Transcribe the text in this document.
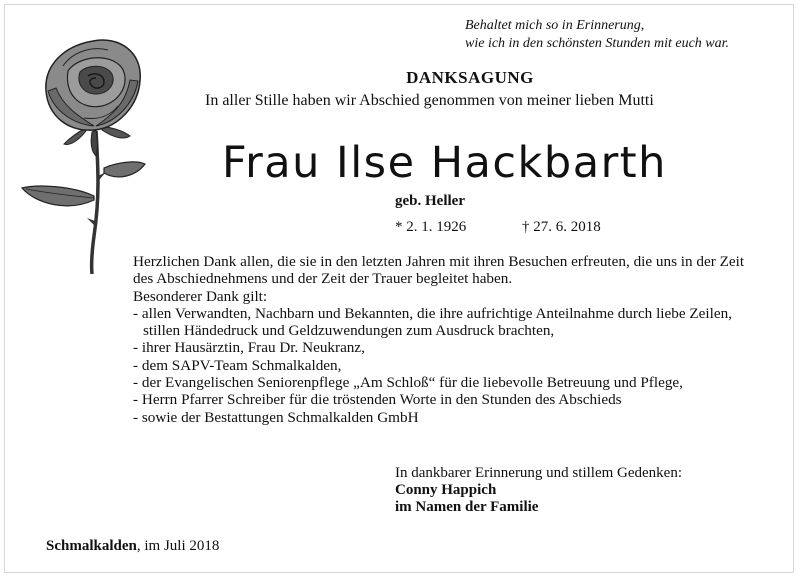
Behaltet mich so in Erinnerung,
wie ich in den schönsten Stunden mit euch war.
DANKSAGUNG
In aller Stille haben wir Abschied genommen von meiner lieben Mutti
Frau Ilse Hackbarth
geb. Heller
* 2. 1. 1926	† 27. 6. 2018

Herzlichen Dank allen, die sie in den letzten Jahren mit ihren Besuchen erfreuten, die uns in der Zeit des Abschiednehmens und der Zeit der Trauer begleitet haben.

Besonderer Dank gilt:

- allen Verwandten, Nachbarn und Bekannten, die ihre aufrichtige Anteilnahme durch liebe Zeilen, stillen Händedruck und Geldzuwendungen zum Ausdruck brachten,
- ihrer Hausärztin, Frau Dr. Neukranz,
- dem SAPV-Team Schmalkalden,
- der Evangelischen Seniorenpflege „Am Schloß“ für die liebevolle Betreuung und Pflege,
- Herrn Pfarrer Schreiber für die tröstenden Worte in den Stunden des Abschieds
- sowie der Bestattungen Schmalkalden GmbH
In dankbarer Erinnerung und stillem Gedenken:
Conny Happich
im Namen der Familie
Schmalkalden, im Juli 2018
